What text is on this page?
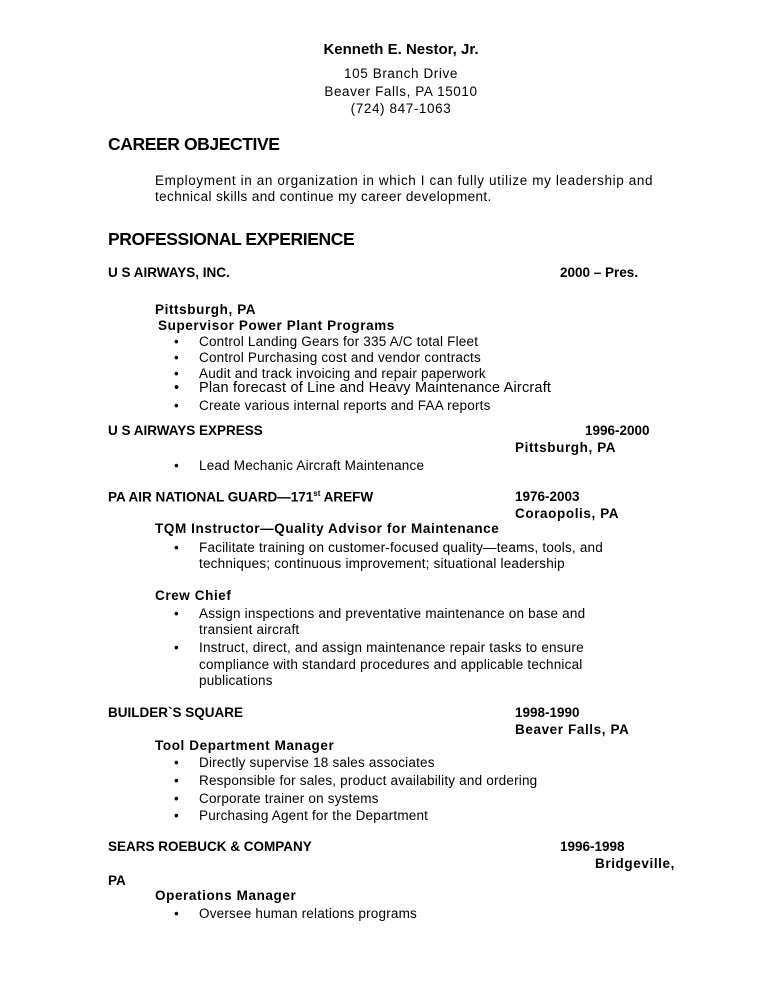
Kenneth E. Nestor, Jr.
105 Branch Drive
Beaver Falls, PA 15010
(724) 847-1063
CAREER OBJECTIVE
Employment in an organization in which I can fully utilize my leadership and
technical skills and continue my career development.
PROFESSIONAL EXPERIENCE
U S AIRWAYS, INC.	2000 – Pres.
Pittsburgh, PA
Supervisor Power Plant Programs
• Control Landing Gears for 335 A/C total Fleet
• Control Purchasing cost and vendor contracts
• Audit and track invoicing and repair paperwork
• Plan forecast of Line and Heavy Maintenance Aircraft
• Create various internal reports and FAA reports
U S AIRWAYS EXPRESS	1996-2000
Pittsburgh, PA
• Lead Mechanic Aircraft Maintenance
PA AIR NATIONAL GUARD—171st AREFW	1976-2003
Coraopolis, PA
TQM Instructor—Quality Advisor for Maintenance
• Facilitate training on customer-focused quality—teams, tools, and
techniques; continuous improvement; situational leadership
Crew Chief
• Assign inspections and preventative maintenance on base and
transient aircraft
• Instruct, direct, and assign maintenance repair tasks to ensure
compliance with standard procedures and applicable technical
publications
BUILDER`S SQUARE	1998-1990
Beaver Falls, PA
Tool Department Manager
• Directly supervise 18 sales associates
• Responsible for sales, product availability and ordering
• Corporate trainer on systems
• Purchasing Agent for the Department
SEARS ROEBUCK & COMPANY	1996-1998
Bridgeville,
PA
Operations Manager
• Oversee human relations programs
